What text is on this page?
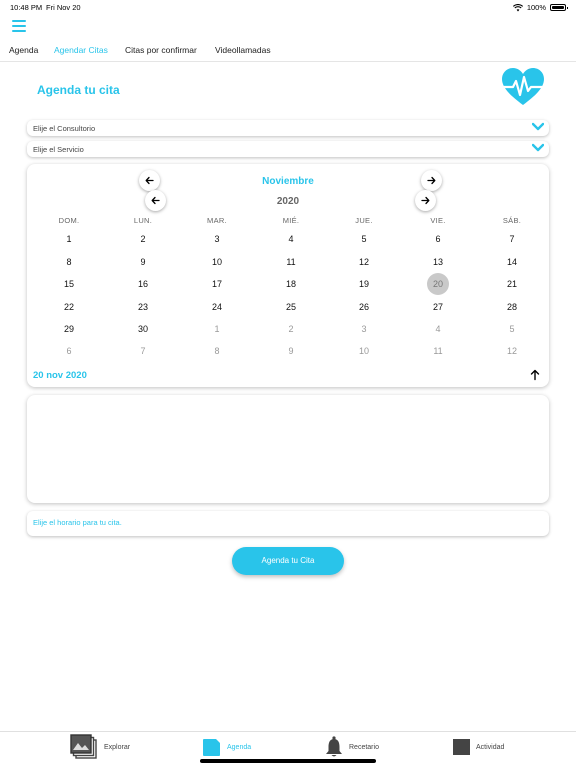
10:48 PM Fri Nov 20	100%
Agenda Agendar Citas Citas por confirmar Videollamadas
Agenda tu cita
Elije el Consultorio
Elije el Servicio
Noviembre
2020
DOM.	LUN.	MAR.	MIÉ.	JUE.	VIE.	SÁB.
1	2	3	4	5	6	7
8	9	10	11	12	13	14
15	16	17	18	19	20	21
22	23	24	25	26	27	28
29	30	1	2	3	4	5
6	7	8	9	10	11	12
20 nov 2020
Elije el horario para tu cita.
Agenda tu Cita
Explorar	Agenda	Recetario	Actividad
